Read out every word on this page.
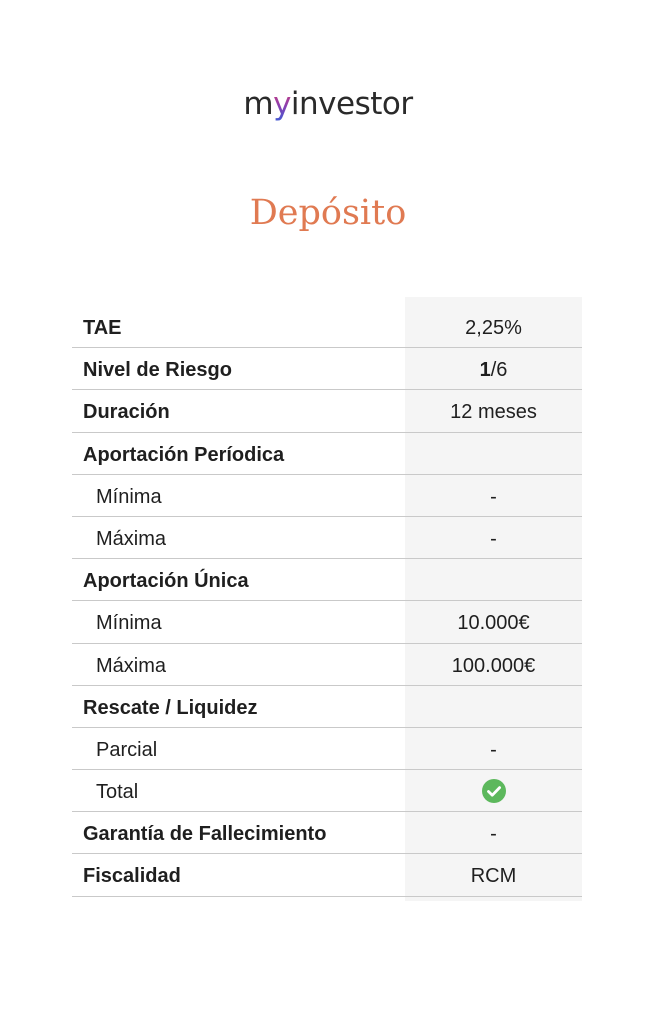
myinvestor
Depósito
TAE	2,25%
Nivel de Riesgo	1/6
Duración	12 meses
Aportación Períodica
Mínima	-
Máxima	-
Aportación Única
Mínima	10.000€
Máxima	100.000€
Rescate / Liquidez
Parcial	-
Total
Garantía de Fallecimiento	-
Fiscalidad	RCM
